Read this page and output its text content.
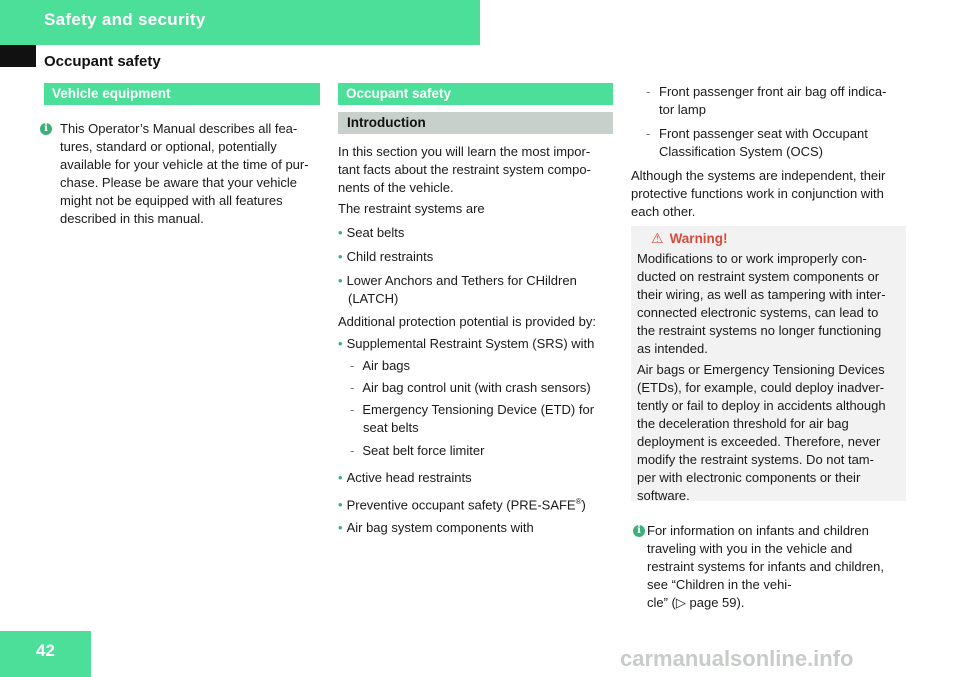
Safety and security
Occupant safety
Vehicle equipment
i This Operator’s Manual describes all fea-
tures, standard or optional, potentially
available for your vehicle at the time of pur-
chase. Please be aware that your vehicle
might not be equipped with all features
described in this manual.
Occupant safety
Introduction
In this section you will learn the most impor-
tant facts about the restraint system compo-
nents of the vehicle.
The restraint systems are
• Seat belts
• Child restraints
• Lower Anchors and Tethers for CHildren
(LATCH)
Additional protection potential is provided by:
• Supplemental Restraint System (SRS) with
- Air bags
- Air bag control unit (with crash sensors)
- Emergency Tensioning Device (ETD) for
seat belts
- Seat belt force limiter
• Active head restraints
• Preventive occupant safety (PRE-SAFE®)
• Air bag system components with
- Front passenger front air bag off indica-
tor lamp
- Front passenger seat with Occupant
Classification System (OCS)
Although the systems are independent, their
protective functions work in conjunction with
each other.
⚠ Warning!
Modifications to or work improperly con-
ducted on restraint system components or
their wiring, as well as tampering with inter-
connected electronic systems, can lead to
the restraint systems no longer functioning
as intended.
Air bags or Emergency Tensioning Devices
(ETDs), for example, could deploy inadver-
tently or fail to deploy in accidents although
the deceleration threshold for air bag
deployment is exceeded. Therefore, never
modify the restraint systems. Do not tam-
per with electronic components or their
software.
i For information on infants and children
traveling with you in the vehicle and
restraint systems for infants and children,
see “Children in the vehi-
cle” (▷ page 59).
42	carmanualsonline.info
